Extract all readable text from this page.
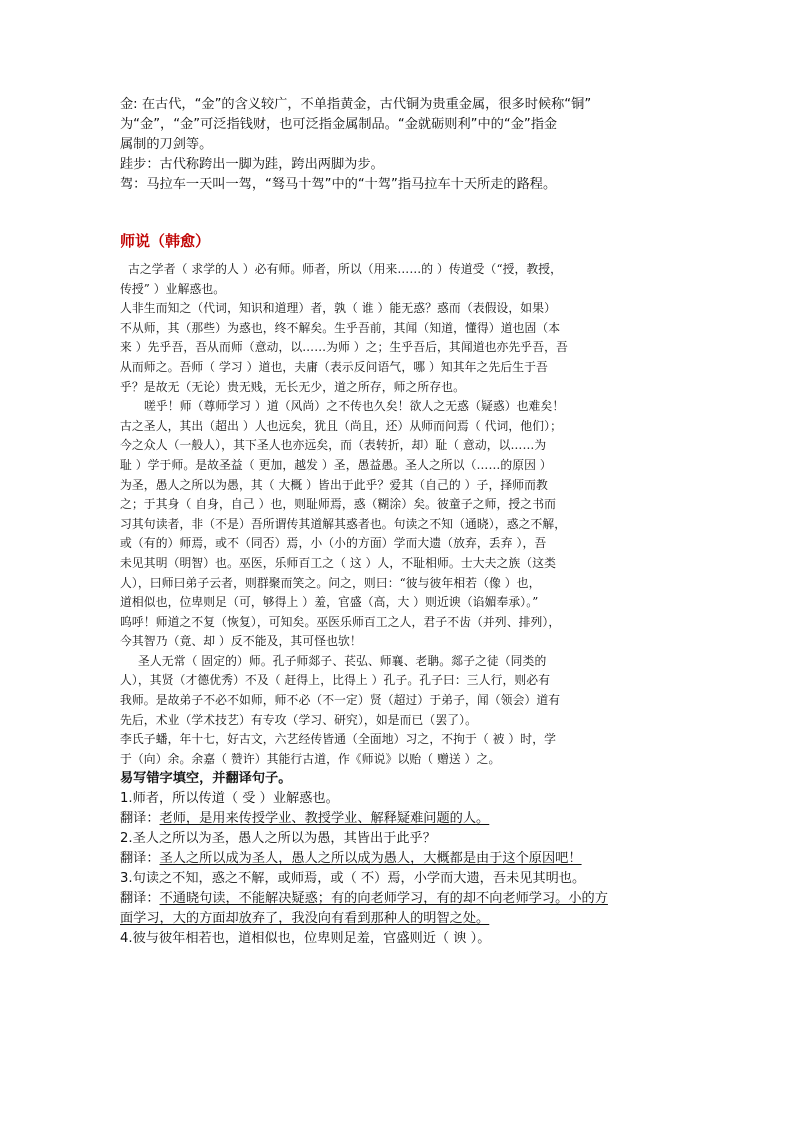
金: 在古代，“金”的含义较广，不单指黄金，古代铜为贵重金属，很多时候称“铜”

为“金”，“金”可泛指钱财，也可泛指金属制品。“金就砺则利”中的“金”指金

属制的刀剑等。

跬步：古代称跨出一脚为跬，跨出两脚为步。

驾：马拉车一天叫一驾，“驽马十驾”中的“十驾”指马拉车十天所走的路程。

师说（韩愈）

古之学者（ 求学的人 ）必有师。师者，所以（用来……的 ）传道受（“授，教授，

传授” ）业解惑也。

人非生而知之（代词，知识和道理）者，孰（ 谁 ）能无惑？惑而（表假设，如果）

不从师，其（那些）为惑也，终不解矣。生乎吾前，其闻（知道，懂得）道也固（本

来 ）先乎吾，吾从而师（意动，以……为师 ）之；生乎吾后，其闻道也亦先乎吾，吾

从而师之。吾师（ 学习 ）道也，夫庸（表示反问语气，哪 ）知其年之先后生于吾

乎？是故无（无论）贵无贱，无长无少，道之所存，师之所存也。

嗟乎！师（尊师学习 ）道（风尚）之不传也久矣！欲人之无惑（疑惑）也难矣！

古之圣人，其出（超出 ）人也远矣，犹且（尚且，还）从师而问焉（ 代词，他们）；

今之众人（一般人），其下圣人也亦远矣，而（表转折，却）耻（ 意动，以……为

耻 ）学于师。是故圣益（ 更加，越发 ）圣，愚益愚。圣人之所以（……的原因 ）

为圣，愚人之所以为愚，其（ 大概 ）皆出于此乎？爱其（自己的 ）子，择师而教

之；于其身（ 自身，自己 ）也，则耻师焉，惑（糊涂）矣。彼童子之师，授之书而

习其句读者，非（不是）吾所谓传其道解其惑者也。句读之不知（通晓），惑之不解，

或（有的）师焉，或不（同否）焉，小（小的方面）学而大遗（放弃，丢弃 ），吾

未见其明（明智）也。巫医，乐师百工之（ 这 ）人，不耻相师。士大夫之族（这类

人），曰师曰弟子云者，则群聚而笑之。问之，则曰：“彼与彼年相若（像 ）也，

道相似也，位卑则足（可，够得上 ）羞，官盛（高，大 ）则近谀（谄媚奉承）。”

呜呼！师道之不复（恢复），可知矣。巫医乐师百工之人，君子不齿（并列、排列），

今其智乃（竟、却 ）反不能及，其可怪也欤！

圣人无常（ 固定的）师。孔子师郯子、苌弘、师襄、老聃。郯子之徒（同类的

人），其贤（才德优秀）不及（ 赶得上，比得上 ）孔子。孔子曰：三人行，则必有

我师。是故弟子不必不如师，师不必（不一定）贤（超过）于弟子，闻（领会）道有

先后，术业（学术技艺）有专攻（学习、研究），如是而已（罢了）。

李氏子蟠，年十七，好古文，六艺经传皆通（全面地）习之，不拘于（ 被 ）时，学

于（向）余。余嘉（ 赞许）其能行古道，作《师说》以贻（ 赠送 ）之。

易写错字填空，并翻译句子。

1.师者，所以传道（ 受 ）业解惑也。

翻译：老师，是用来传授学业、教授学业、解释疑难问题的人。

2.圣人之所以为圣，愚人之所以为愚，其皆出于此乎？

翻译：圣人之所以成为圣人，愚人之所以成为愚人，大概都是由于这个原因吧！

3.句读之不知，惑之不解，或师焉，或（ 不）焉，小学而大遗，吾未见其明也。

翻译：不通晓句读，不能解决疑惑；有的向老师学习，有的却不向老师学习。小的方

面学习，大的方面却放弃了，我没向有看到那种人的明智之处。

4.彼与彼年相若也，道相似也，位卑则足羞，官盛则近（ 谀 ）。
